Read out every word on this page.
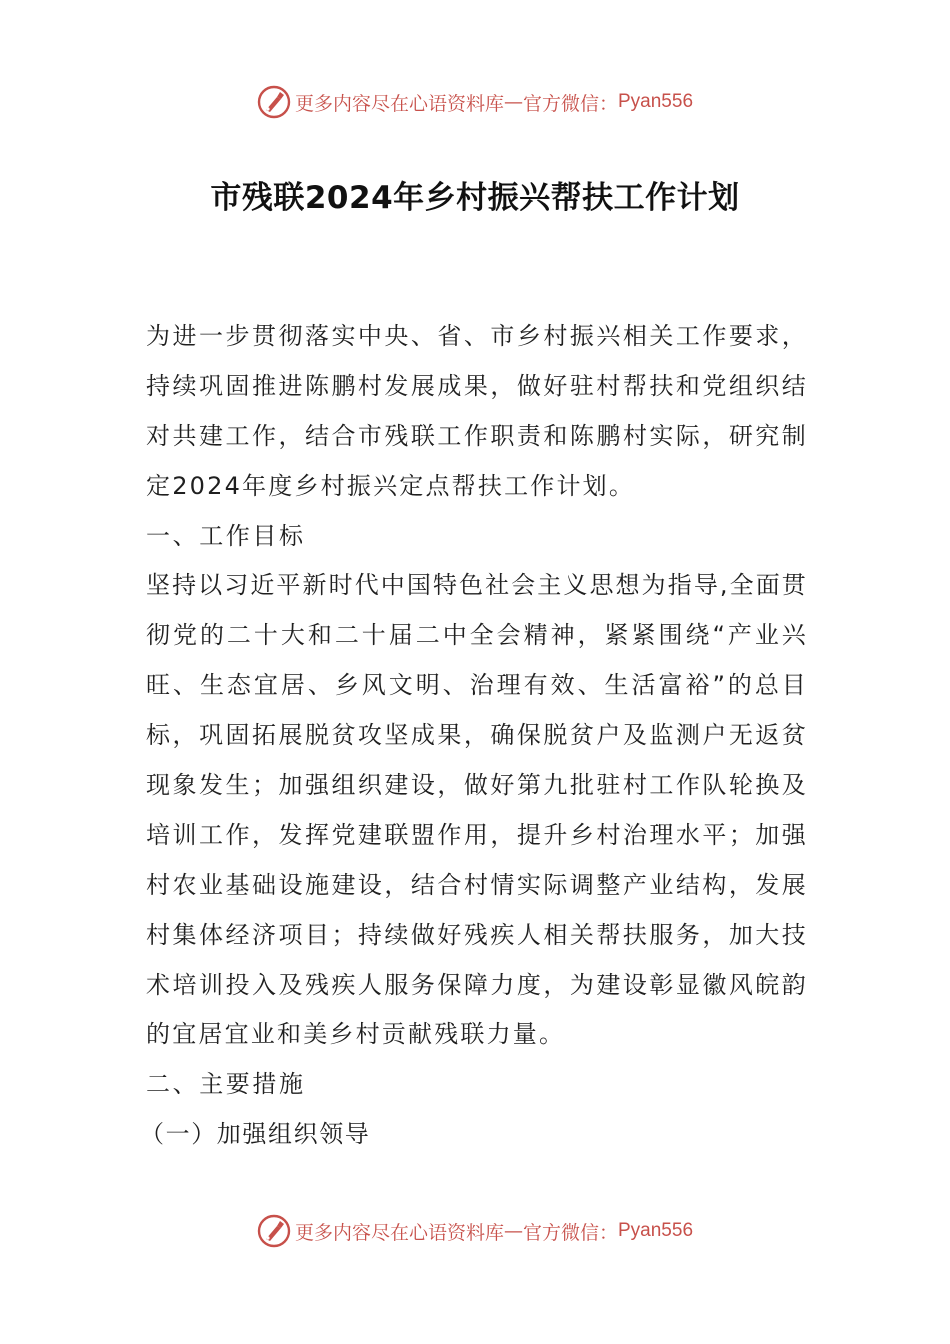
更多内容尽在心语资料库 — 官方微信： Pyan556
市残联2024年乡村振兴帮扶工作计划
为进一步贯彻落实中央、省、市乡村振兴相关工作要求，
持续巩固推进陈鹏村发展成果，做好驻村帮扶和党组织结
对共建工作，结合市残联工作职责和陈鹏村实际，研究制
定2024年度乡村振兴定点帮扶工作计划。
一、工作目标
坚持以习近平新时代中国特色社会主义思想为指导,全面贯
彻党的二十大和二十届二中全会精神，紧紧围绕“产业兴
旺、生态宜居、乡风文明、治理有效、生活富裕”的总目
标，巩固拓展脱贫攻坚成果，确保脱贫户及监测户无返贫
现象发生；加强组织建设，做好第九批驻村工作队轮换及
培训工作，发挥党建联盟作用，提升乡村治理水平；加强
村农业基础设施建设，结合村情实际调整产业结构，发展
村集体经济项目；持续做好残疾人相关帮扶服务，加大技
术培训投入及残疾人服务保障力度，为建设彰显徽风皖韵
的宜居宜业和美乡村贡献残联力量。
二、主要措施
（一）加强组织领导
更多内容尽在心语资料库 — 官方微信： Pyan556
